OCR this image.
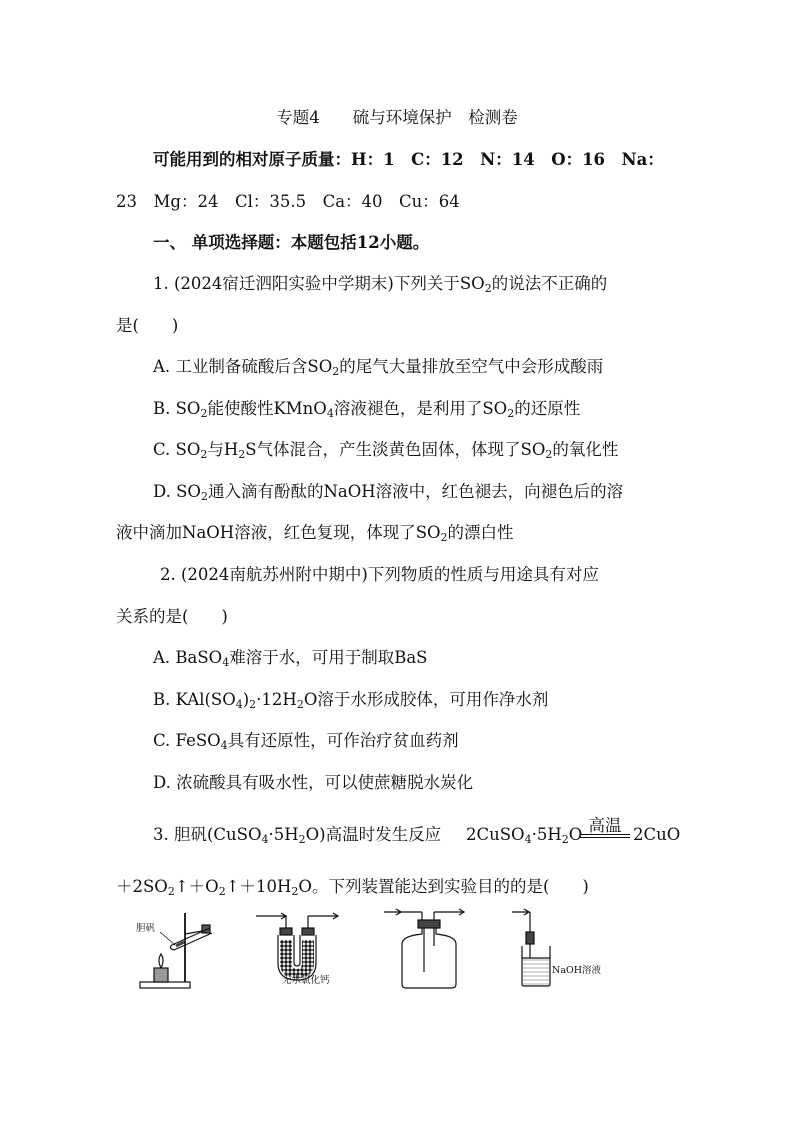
专题4　　硫与环境保护　检测卷
可能用到的相对原子质量：H：1　C：12　N：14　O：16　Na：
23　Mg：24　Cl：35.5　Ca：40　Cu：64
一、 单项选择题：本题包括12小题。
1. (2024宿迁泗阳实验中学期末)下列关于$SO_2$的说法不正确的
是(　　)
A. 工业制备硫酸后含$SO_2$的尾气大量排放至空气中会形成酸雨
B. $SO_2$能使酸性KMnO$_4$溶液褪色，是利用了$SO_2$的还原性
C. $SO_2$与$H_2S$气体混合，产生淡黄色固体，体现了$SO_2$的氧化性
D. $SO_2$通入滴有酚酞的NaOH溶液中，红色褪去，向褪色后的溶
液中滴加NaOH溶液，红色复现，体现了$SO_2$的漂白性
2. (2024南航苏州附中期中)下列物质的性质与用途具有对应
关系的是(　　)
A. BaSO$_4$难溶于水，可用于制取BaS
B. $KAl(SO_4)_2\cdot 12H_2O$溶于水形成胶体，可用作净水剂
C. FeSO$_4$具有还原性，可作治疗贫血药剂
D. 浓硫酸具有吸水性，可以使蔗糖脱水炭化
3. 胆矾$(CuSO_4\cdot 5H_2O)$高温时发生反应 $2CuSO_4\cdot 5H_2O$ 高温 2CuO
$+2SO_2↑+O_2↑+10H_2O$。下列装置能达到实验目的的是(　　)
胆矾
无水氯化钙
NaOH溶液
